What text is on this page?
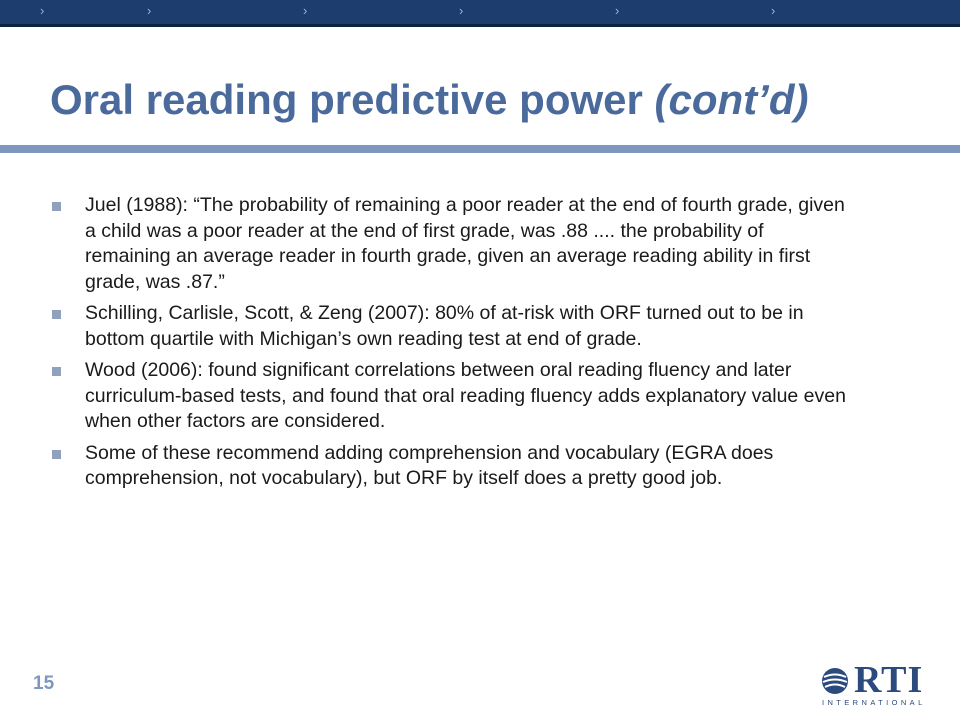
›	›	›	›	›	›
Oral reading predictive power (cont’d)
Juel (1988): “The probability of remaining a poor reader at the end of fourth grade, given a child was a poor reader at the end of first grade, was .88 .... the probability of remaining an average reader in fourth grade, given an average reading ability in first grade, was .87.”
Schilling, Carlisle, Scott, & Zeng (2007): 80% of at-risk with ORF turned out to be in bottom quartile with Michigan’s own reading test at end of grade.
Wood (2006): found significant correlations between oral reading fluency and later curriculum-based tests, and found that oral reading fluency adds explanatory value even when other factors are considered.
Some of these recommend adding comprehension and vocabulary (EGRA does comprehension, not vocabulary), but ORF by itself does a pretty good job.
15	RTI
INTERNATIONAL
